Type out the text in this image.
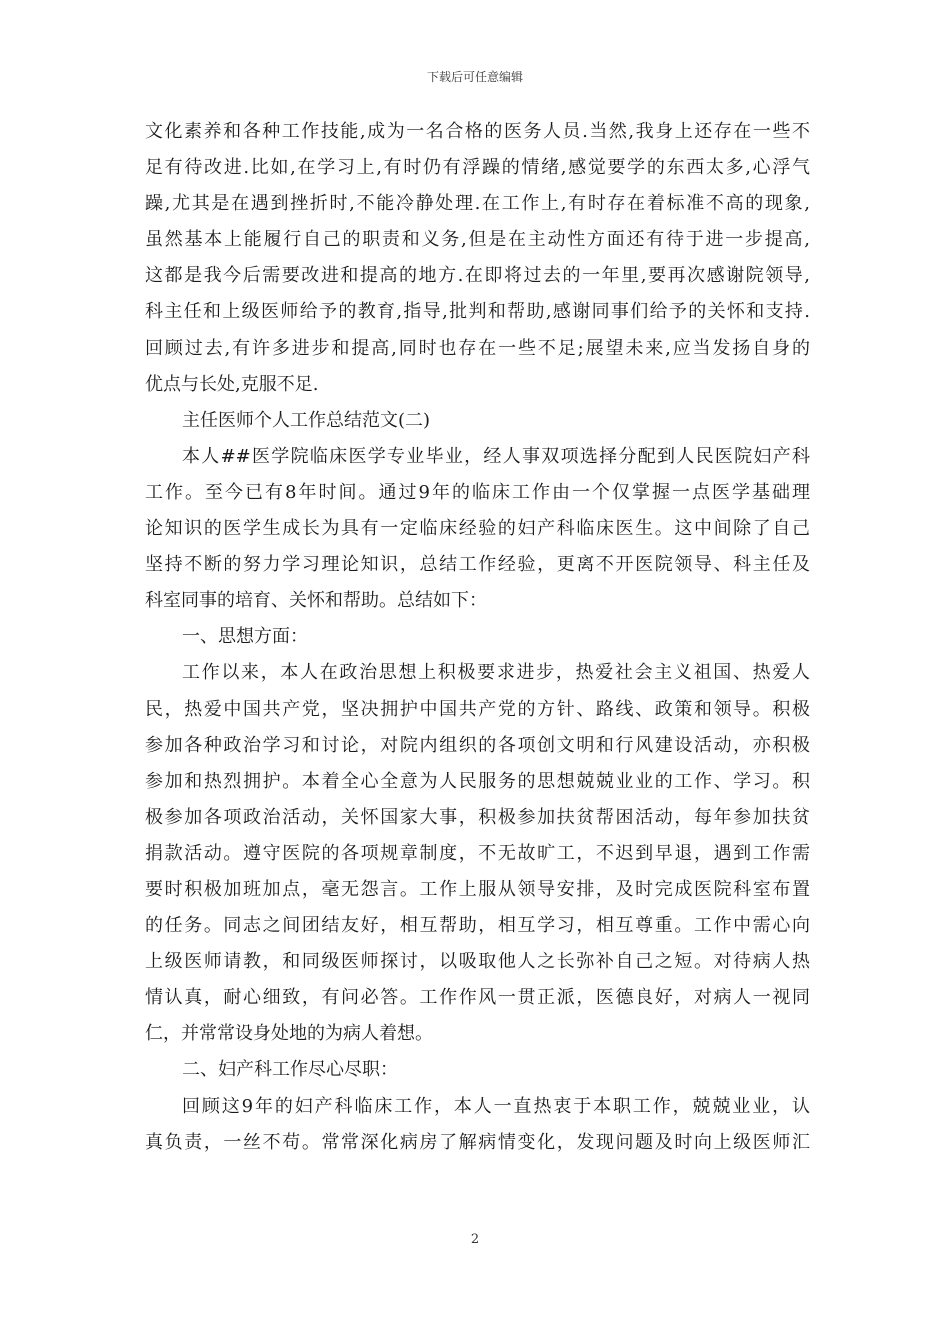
下载后可任意编辑
文化素养和各种工作技能,成为一名合格的医务人员.当然,我身上还存在一些不
足有待改进.比如,在学习上,有时仍有浮躁的情绪,感觉要学的东西太多,心浮气
躁,尤其是在遇到挫折时,不能冷静处理.在工作上,有时存在着标准不高的现象,
虽然基本上能履行自己的职责和义务,但是在主动性方面还有待于进一步提高,
这都是我今后需要改进和提高的地方.在即将过去的一年里,要再次感谢院领导,
科主任和上级医师给予的教育,指导,批判和帮助,感谢同事们给予的关怀和支持.
回顾过去,有许多进步和提高,同时也存在一些不足;展望未来,应当发扬自身的
优点与长处,克服不足.
主任医师个人工作总结范文(二)
本人##医学院临床医学专业毕业，经人事双项选择分配到人民医院妇产科
工作。至今已有8年时间。通过9年的临床工作由一个仅掌握一点医学基础理
论知识的医学生成长为具有一定临床经验的妇产科临床医生。这中间除了自己
坚持不断的努力学习理论知识，总结工作经验，更离不开医院领导、科主任及
科室同事的培育、关怀和帮助。总结如下：
一、思想方面：
工作以来，本人在政治思想上积极要求进步，热爱社会主义祖国、热爱人
民，热爱中国共产党，坚决拥护中国共产党的方针、路线、政策和领导。积极
参加各种政治学习和讨论，对院内组织的各项创文明和行风建设活动，亦积极
参加和热烈拥护。本着全心全意为人民服务的思想兢兢业业的工作、学习。积
极参加各项政治活动，关怀国家大事，积极参加扶贫帮困活动，每年参加扶贫
捐款活动。遵守医院的各项规章制度，不无故旷工，不迟到早退，遇到工作需
要时积极加班加点，毫无怨言。工作上服从领导安排，及时完成医院科室布置
的任务。同志之间团结友好，相互帮助，相互学习，相互尊重。工作中需心向
上级医师请教，和同级医师探讨，以吸取他人之长弥补自己之短。对待病人热
情认真，耐心细致，有问必答。工作作风一贯正派，医德良好，对病人一视同
仁，并常常设身处地的为病人着想。
二、妇产科工作尽心尽职：
回顾这9年的妇产科临床工作，本人一直热衷于本职工作，兢兢业业，认
真负责，一丝不苟。常常深化病房了解病情变化，发现问题及时向上级医师汇
2
